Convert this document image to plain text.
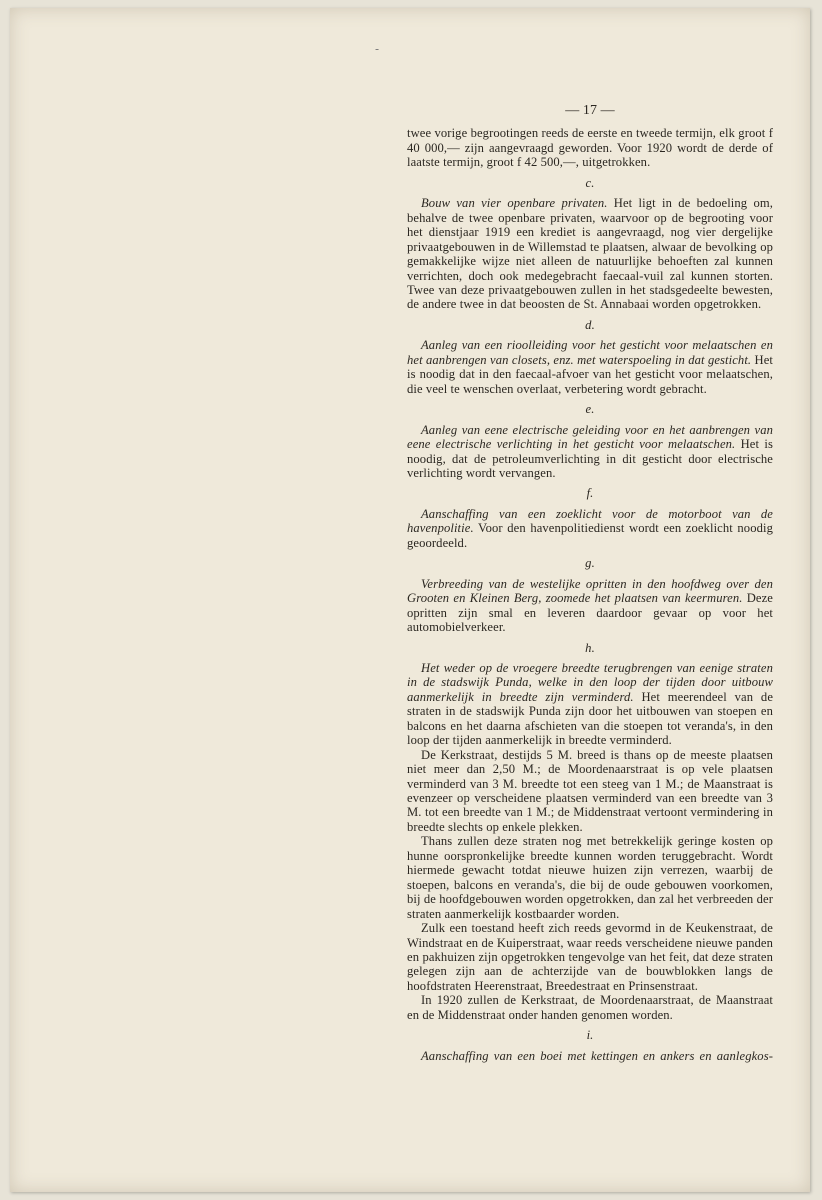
-
— 17 —

twee vorige begrootingen reeds de eerste en tweede termijn, elk groot f 40 000,— zijn aangevraagd geworden. Voor 1920 wordt de derde of laatste termijn, groot f 42 500,—, uitgetrokken.

c.

Bouw van vier openbare privaten. Het ligt in de bedoeling om, behalve de twee openbare privaten, waarvoor op de begrooting voor het dienstjaar 1919 een krediet is aangevraagd, nog vier dergelijke privaatgebouwen in de Willemstad te plaatsen, alwaar de bevolking op gemakkelijke wijze niet alleen de natuurlijke behoeften zal kunnen verrichten, doch ook medegebracht faecaal-vuil zal kunnen storten. Twee van deze privaatgebouwen zullen in het stadsgedeelte bewesten, de andere twee in dat beoosten de St. Annabaai worden opgetrokken.

d.

Aanleg van een rioolleiding voor het gesticht voor melaatschen en het aanbrengen van closets, enz. met waterspoeling in dat gesticht. Het is noodig dat in den faecaal-afvoer van het gesticht voor melaatschen, die veel te wenschen overlaat, verbetering wordt gebracht.

e.

Aanleg van eene electrische geleiding voor en het aanbrengen van eene electrische verlichting in het gesticht voor melaatschen. Het is noodig, dat de petroleumverlichting in dit gesticht door electrische verlichting wordt vervangen.

f.

Aanschaffing van een zoeklicht voor de motorboot van de havenpolitie. Voor den havenpolitiedienst wordt een zoeklicht noodig geoordeeld.

g.

Verbreeding van de westelijke opritten in den hoofdweg over den Grooten en Kleinen Berg, zoomede het plaatsen van keermuren. Deze opritten zijn smal en leveren daardoor gevaar op voor het automobielverkeer.

h.

Het weder op de vroegere breedte terugbrengen van eenige straten in de stadswijk Punda, welke in den loop der tijden door uitbouw aanmerkelijk in breedte zijn verminderd. Het meerendeel van de straten in de stadswijk Punda zijn door het uitbouwen van stoepen en balcons en het daarna afschieten van die stoepen tot veranda's, in den loop der tijden aanmerkelijk in breedte verminderd.

De Kerkstraat, destijds 5 M. breed is thans op de meeste plaatsen niet meer dan 2,50 M.; de Moordenaarstraat is op vele plaatsen verminderd van 3 M. breedte tot een steeg van 1 M.; de Maanstraat is evenzeer op verscheidene plaatsen verminderd van een breedte van 3 M. tot een breedte van 1 M.; de Middenstraat vertoont vermindering in breedte slechts op enkele plekken.

Thans zullen deze straten nog met betrekkelijk geringe kosten op hunne oorspronkelijke breedte kunnen worden teruggebracht. Wordt hiermede gewacht totdat nieuwe huizen zijn verrezen, waarbij de stoepen, balcons en veranda's, die bij de oude gebouwen voorkomen, bij de hoofdgebouwen worden opgetrokken, dan zal het verbreeden der straten aanmerkelijk kostbaarder worden.

Zulk een toestand heeft zich reeds gevormd in de Keukenstraat, de Windstraat en de Kuiperstraat, waar reeds verscheidene nieuwe panden en pakhuizen zijn opgetrokken tengevolge van het feit, dat deze straten gelegen zijn aan de achterzijde van de bouwblokken langs de hoofdstraten Heerenstraat, Breedestraat en Prinsenstraat.

In 1920 zullen de Kerkstraat, de Moordenaarstraat, de Maanstraat en de Middenstraat onder handen genomen worden.

i.

Aanschaffing van een boei met kettingen en ankers en aanlegkos-
